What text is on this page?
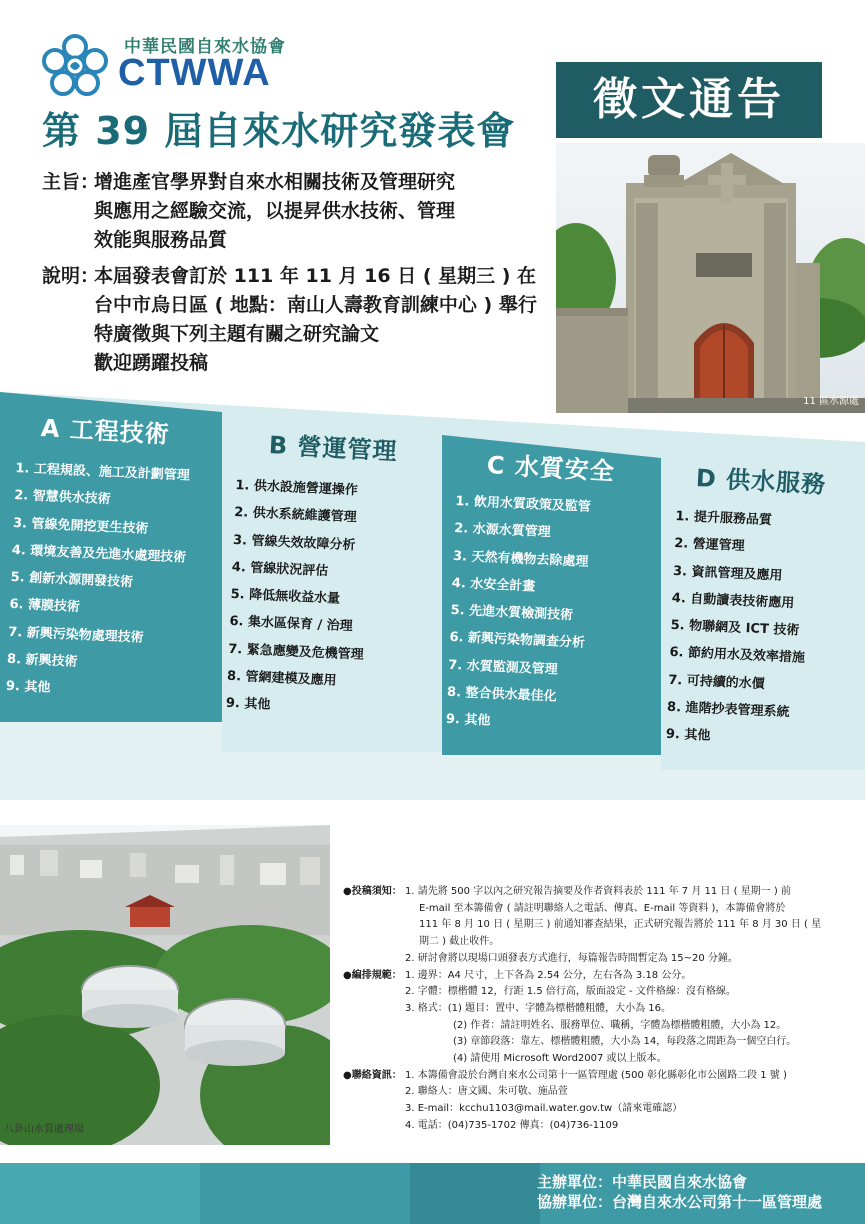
中華民國自來水協會
CTWWA
第 39 屆自來水研究發表會
徵文通告
11 區水源處
主旨：
增進產官學界對自來水相關技術及管理研究
與應用之經驗交流，以提昇供水技術、管理
效能與服務品質
說明：
本屆發表會訂於 111 年 11 月 16 日 ( 星期三 ) 在
台中市烏日區 ( 地點：南山人壽教育訓練中心 ) 舉行
特廣徵與下列主題有關之研究論文
歡迎踴躍投稿
A 工程技術
1. 工程規設、施工及計劃管理
2. 智慧供水技術
3. 管線免開挖更生技術
4. 環境友善及先進水處理技術
5. 創新水源開發技術
6. 薄膜技術
7. 新興污染物處理技術
8. 新興技術
9. 其他
B 營運管理
1. 供水設施營運操作
2. 供水系統維護管理
3. 管線失效故障分析
4. 管線狀況評估
5. 降低無收益水量
6. 集水區保育 / 治理
7. 緊急應變及危機管理
8. 管網建模及應用
9. 其他
C 水質安全
1. 飲用水質政策及監管
2. 水源水質管理
3. 天然有機物去除處理
4. 水安全計畫
5. 先進水質檢測技術
6. 新興污染物調查分析
7. 水質監測及管理
8. 整合供水最佳化
9. 其他
D 供水服務
1. 提升服務品質
2. 營運管理
3. 資訊管理及應用
4. 自動讀表技術應用
5. 物聯網及 ICT 技術
6. 節約用水及效率措施
7. 可持續的水價
8. 進階抄表管理系統
9. 其他
八卦山水質處理場
●投稿須知： 1. 請先將 500 字以內之研究報告摘要及作者資料表於 111 年 7 月 11 日 ( 星期一 ) 前
E-mail 至本籌備會 ( 請註明聯絡人之電話、傳真、E-mail 等資料 )，本籌備會將於
111 年 8 月 10 日 ( 星期三 ) 前通知審查結果，正式研究報告將於 111 年 8 月 30 日 ( 星
期二 ) 截止收件。
2. 研討會將以現場口頭發表方式進行，每篇報告時間暫定為 15~20 分鐘。
●編排規範： 1. 邊界：A4 尺寸，上下各為 2.54 公分，左右各為 3.18 公分。
2. 字體：標楷體 12，行距 1.5 倍行高，版面設定 - 文件格線：沒有格線。
3. 格式：(1) 題目：置中、字體為標楷體粗體，大小為 16。
(2) 作者：請註明姓名、服務單位、職稱，字體為標楷體粗體，大小為 12。
(3) 章節段落：靠左、標楷體粗體，大小為 14，每段落之間距為一個空白行。
(4) 請使用 Microsoft Word2007 或以上版本。
●聯絡資訊： 1. 本籌備會設於台灣自來水公司第十一區管理處 (500 彰化縣彰化市公園路二段 1 號 )
2. 聯絡人：唐文國、朱可敬、施品萱
3. E-mail：kcchu1103@mail.water.gov.tw（請來電確認）
4. 電話：(04)735-1702 傳真：(04)736-1109
主辦單位：中華民國自來水協會
協辦單位：台灣自來水公司第十一區管理處
